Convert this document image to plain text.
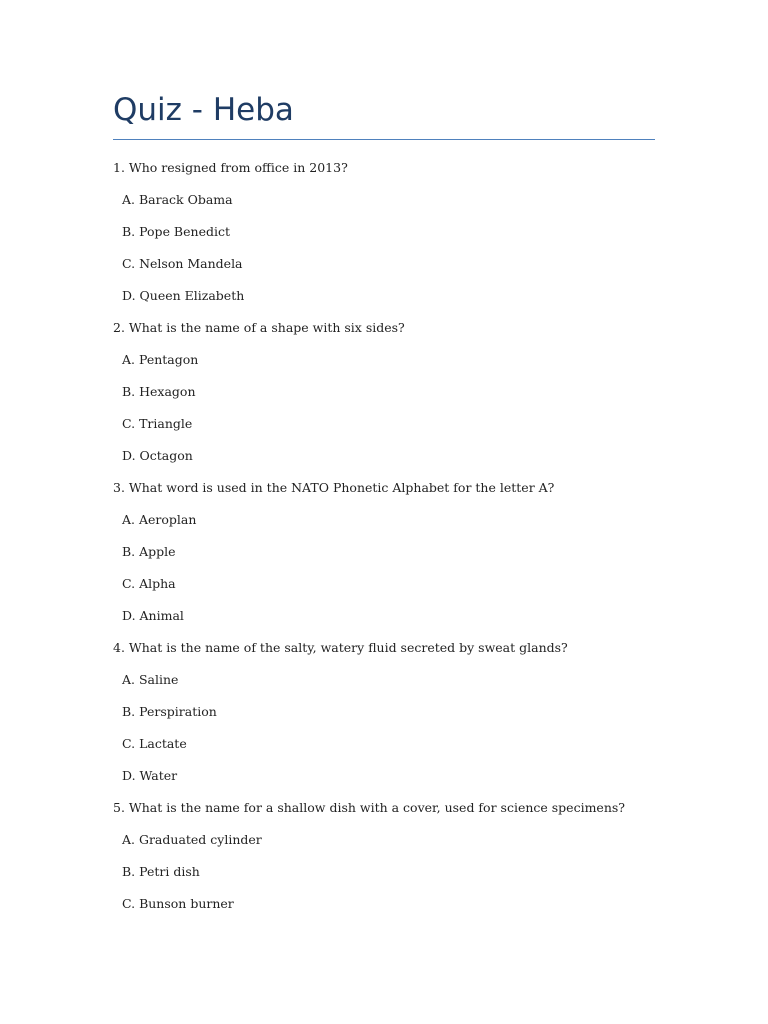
Quiz - Heba
1. Who resigned from office in 2013?
A. Barack Obama
B. Pope Benedict
C. Nelson Mandela
D. Queen Elizabeth
2. What is the name of a shape with six sides?
A. Pentagon
B. Hexagon
C. Triangle
D. Octagon
3. What word is used in the NATO Phonetic Alphabet for the letter A?
A. Aeroplan
B. Apple
C. Alpha
D. Animal
4. What is the name of the salty, watery fluid secreted by sweat glands?
A. Saline
B. Perspiration
C. Lactate
D. Water
5. What is the name for a shallow dish with a cover, used for science specimens?
A. Graduated cylinder
B. Petri dish
C. Bunson burner
